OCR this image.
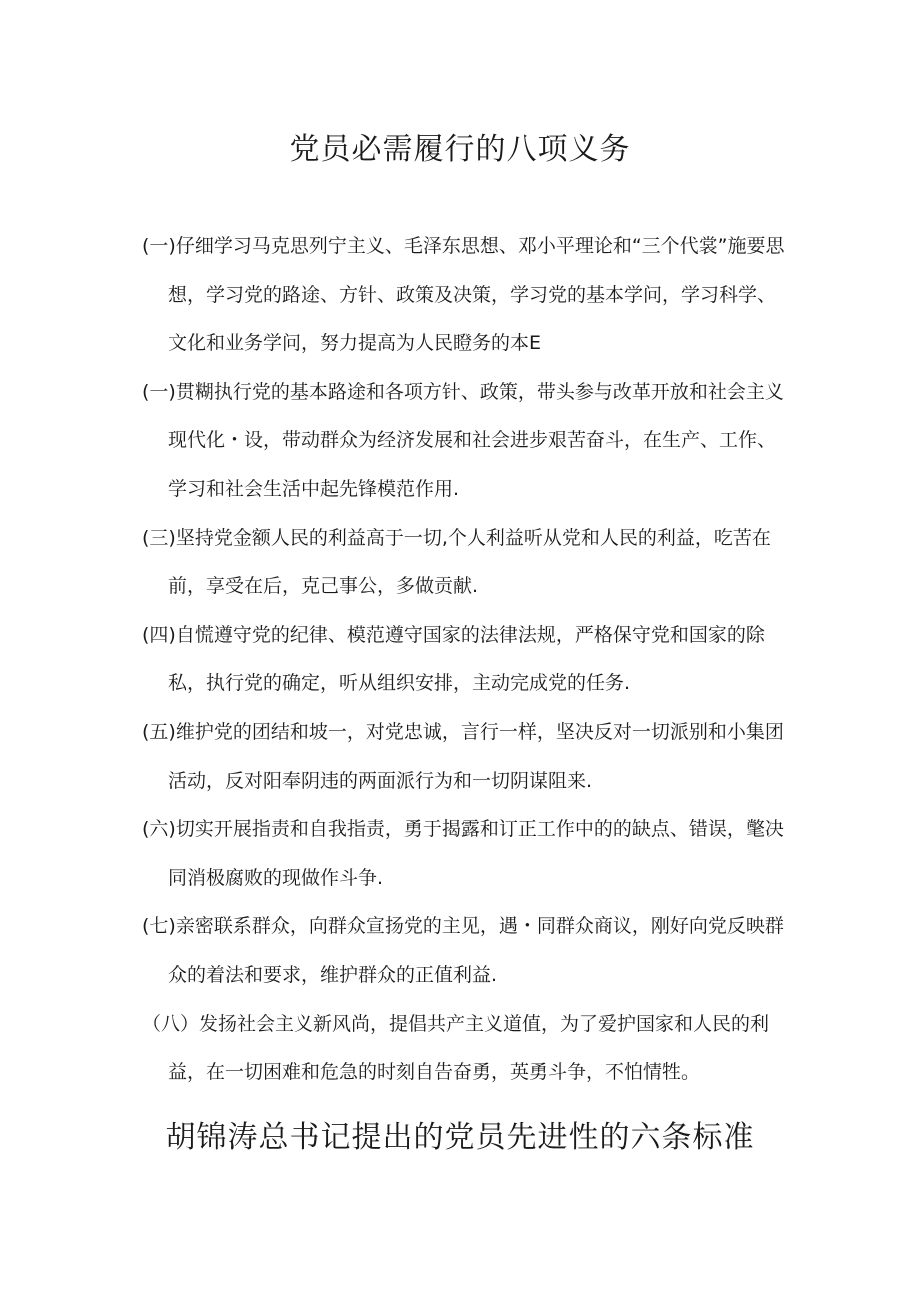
党员必需履行的八项义务
(一)仔细学习马克思列宁主义、毛泽东思想、邓小平理论和“三个代裳”施要思想，学习党的路途、方针、政策及决策，学习党的基本学问，学习科学、文化和业务学问，努力提高为人民瞪务的本E
(一)贯糊执行党的基本路途和各项方针、政策，带头参与改革开放和社会主义现代化・设，带动群众为经济发展和社会进步艰苦奋斗，在生产、工作、学习和社会生活中起先锋模范作用.
(三)坚持党金额人民的利益高于一切,个人利益听从党和人民的利益，吃苦在前，享受在后，克己事公，多做贡献.
(四)自慌遵守党的纪律、模范遵守国家的法律法规，严格保守党和国家的除私，执行党的确定，听从组织安排，主动完成党的任务.
(五)维护党的团结和坡一，对党忠诚，言行一样，坚决反对一切派别和小集团活动，反对阳奉阴违的两面派行为和一切阴谋阻来.
(六)切实开展指责和自我指责，勇于揭露和订正工作中的的缺点、错误，氅决同消极腐败的现做作斗争.
(七)亲密联系群众，向群众宣扬党的主见，遇・同群众商议，刚好向党反映群众的着法和要求，维护群众的正值利益.
（八）发扬社会主义新风尚，提倡共产主义道值，为了爱护国家和人民的利益，在一切困难和危急的时刻自告奋勇，英勇斗争，不怕情牲。
胡锦涛总书记提出的党员先进性的六条标准
